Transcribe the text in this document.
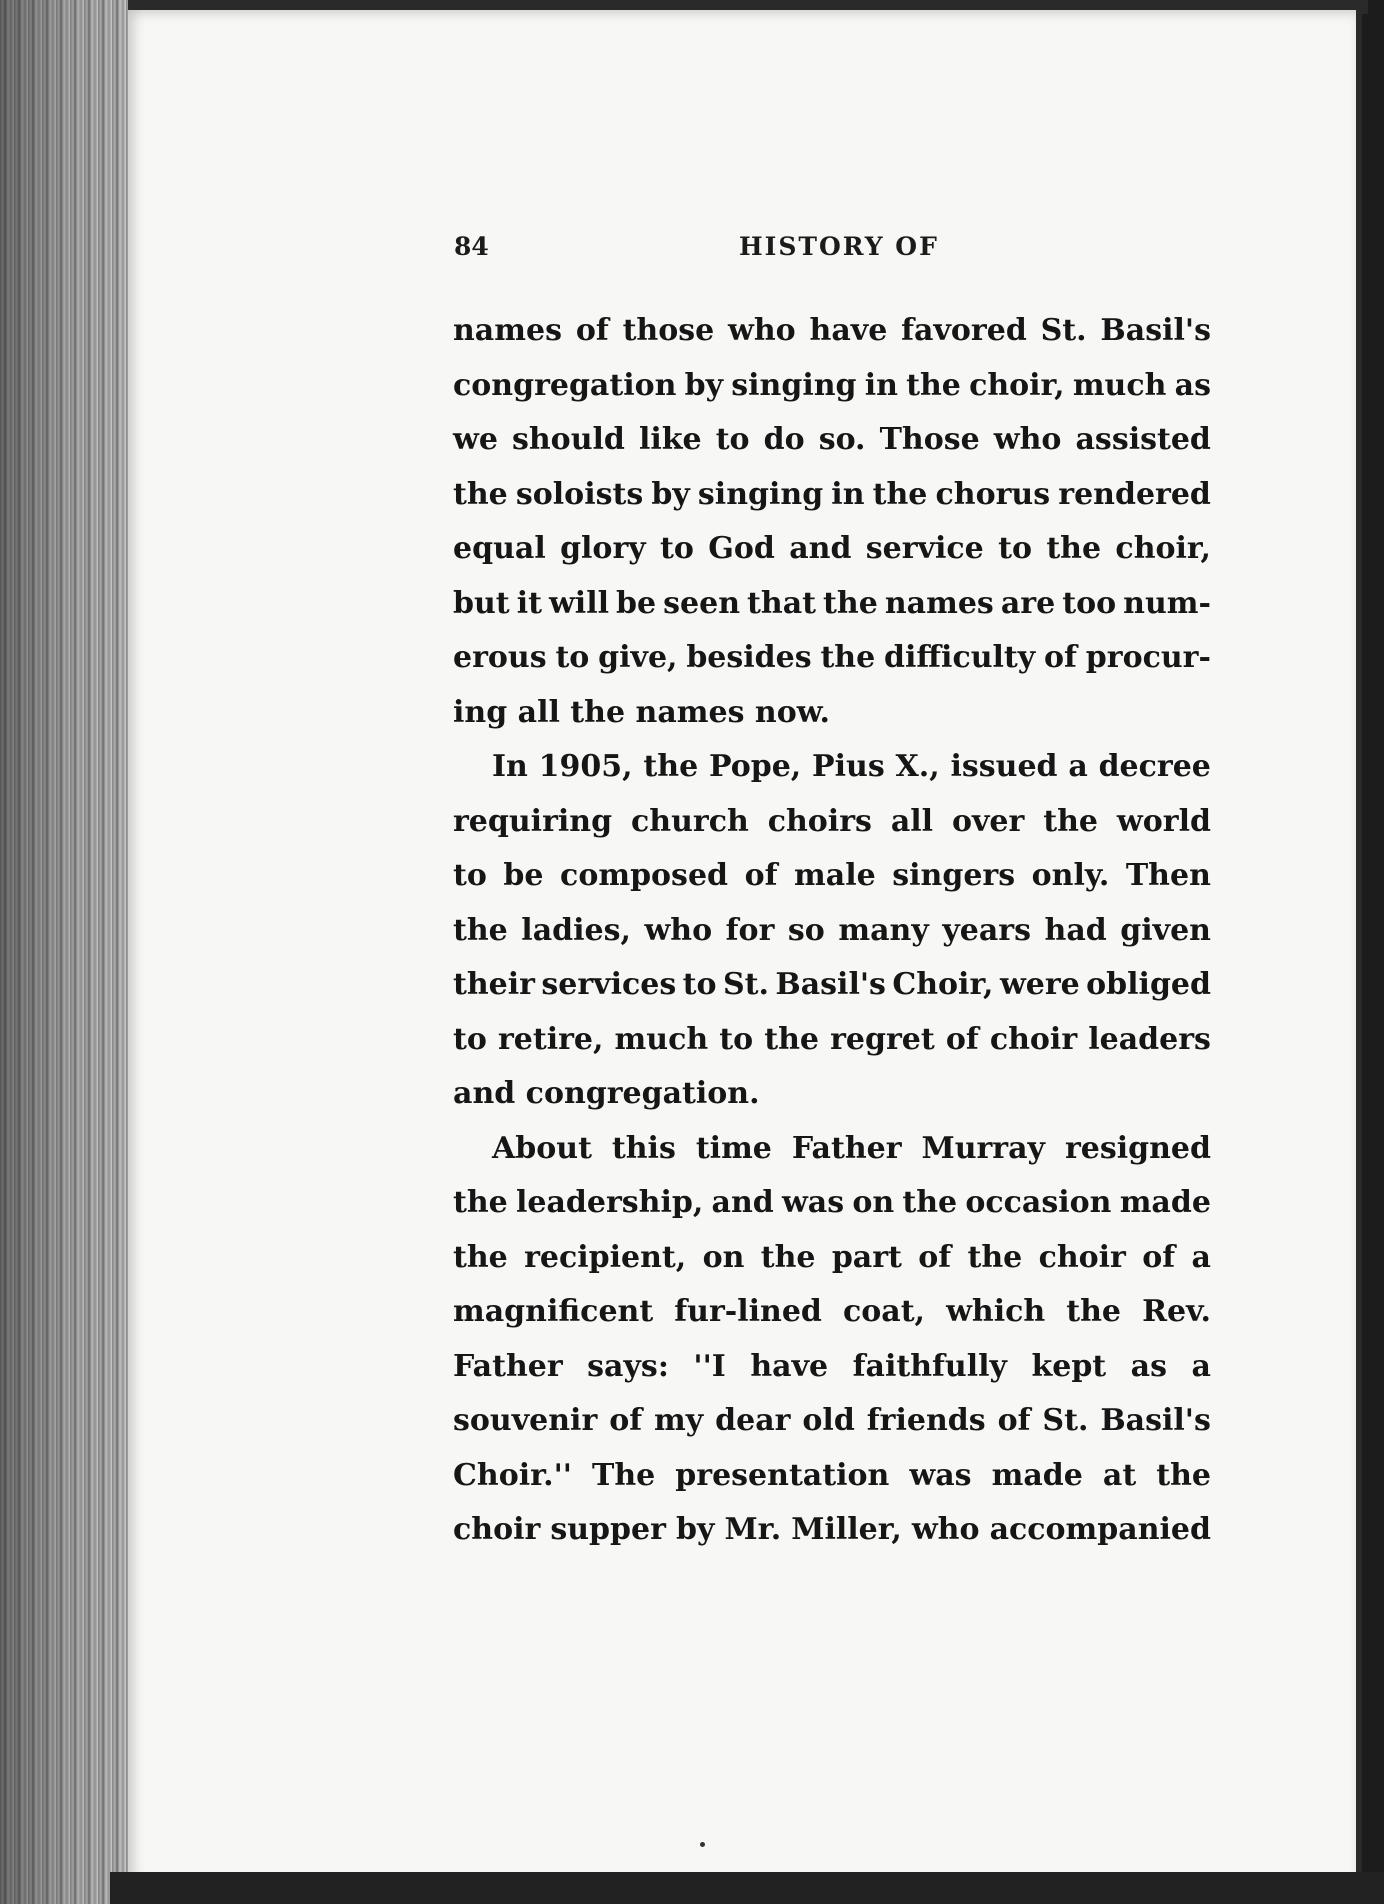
84	HISTORY OF
names of those who have favored St. Basil's
congregation by singing in the choir, much as
we should like to do so. Those who assisted
the soloists by singing in the chorus rendered
equal glory to God and service to the choir,
but it will be seen that the names are too num-
erous to give, besides the difficulty of procur-
ing all the names now.
In 1905, the Pope, Pius X., issued a decree
requiring church choirs all over the world
to be composed of male singers only. Then
the ladies, who for so many years had given
their services to St. Basil's Choir, were obliged
to retire, much to the regret of choir leaders
and congregation.
About this time Father Murray resigned
the leadership, and was on the occasion made
the recipient, on the part of the choir of a
magnificent fur-lined coat, which the Rev.
Father says: ''I have faithfully kept as a
souvenir of my dear old friends of St. Basil's
Choir.'' The presentation was made at the
choir supper by Mr. Miller, who accompanied
